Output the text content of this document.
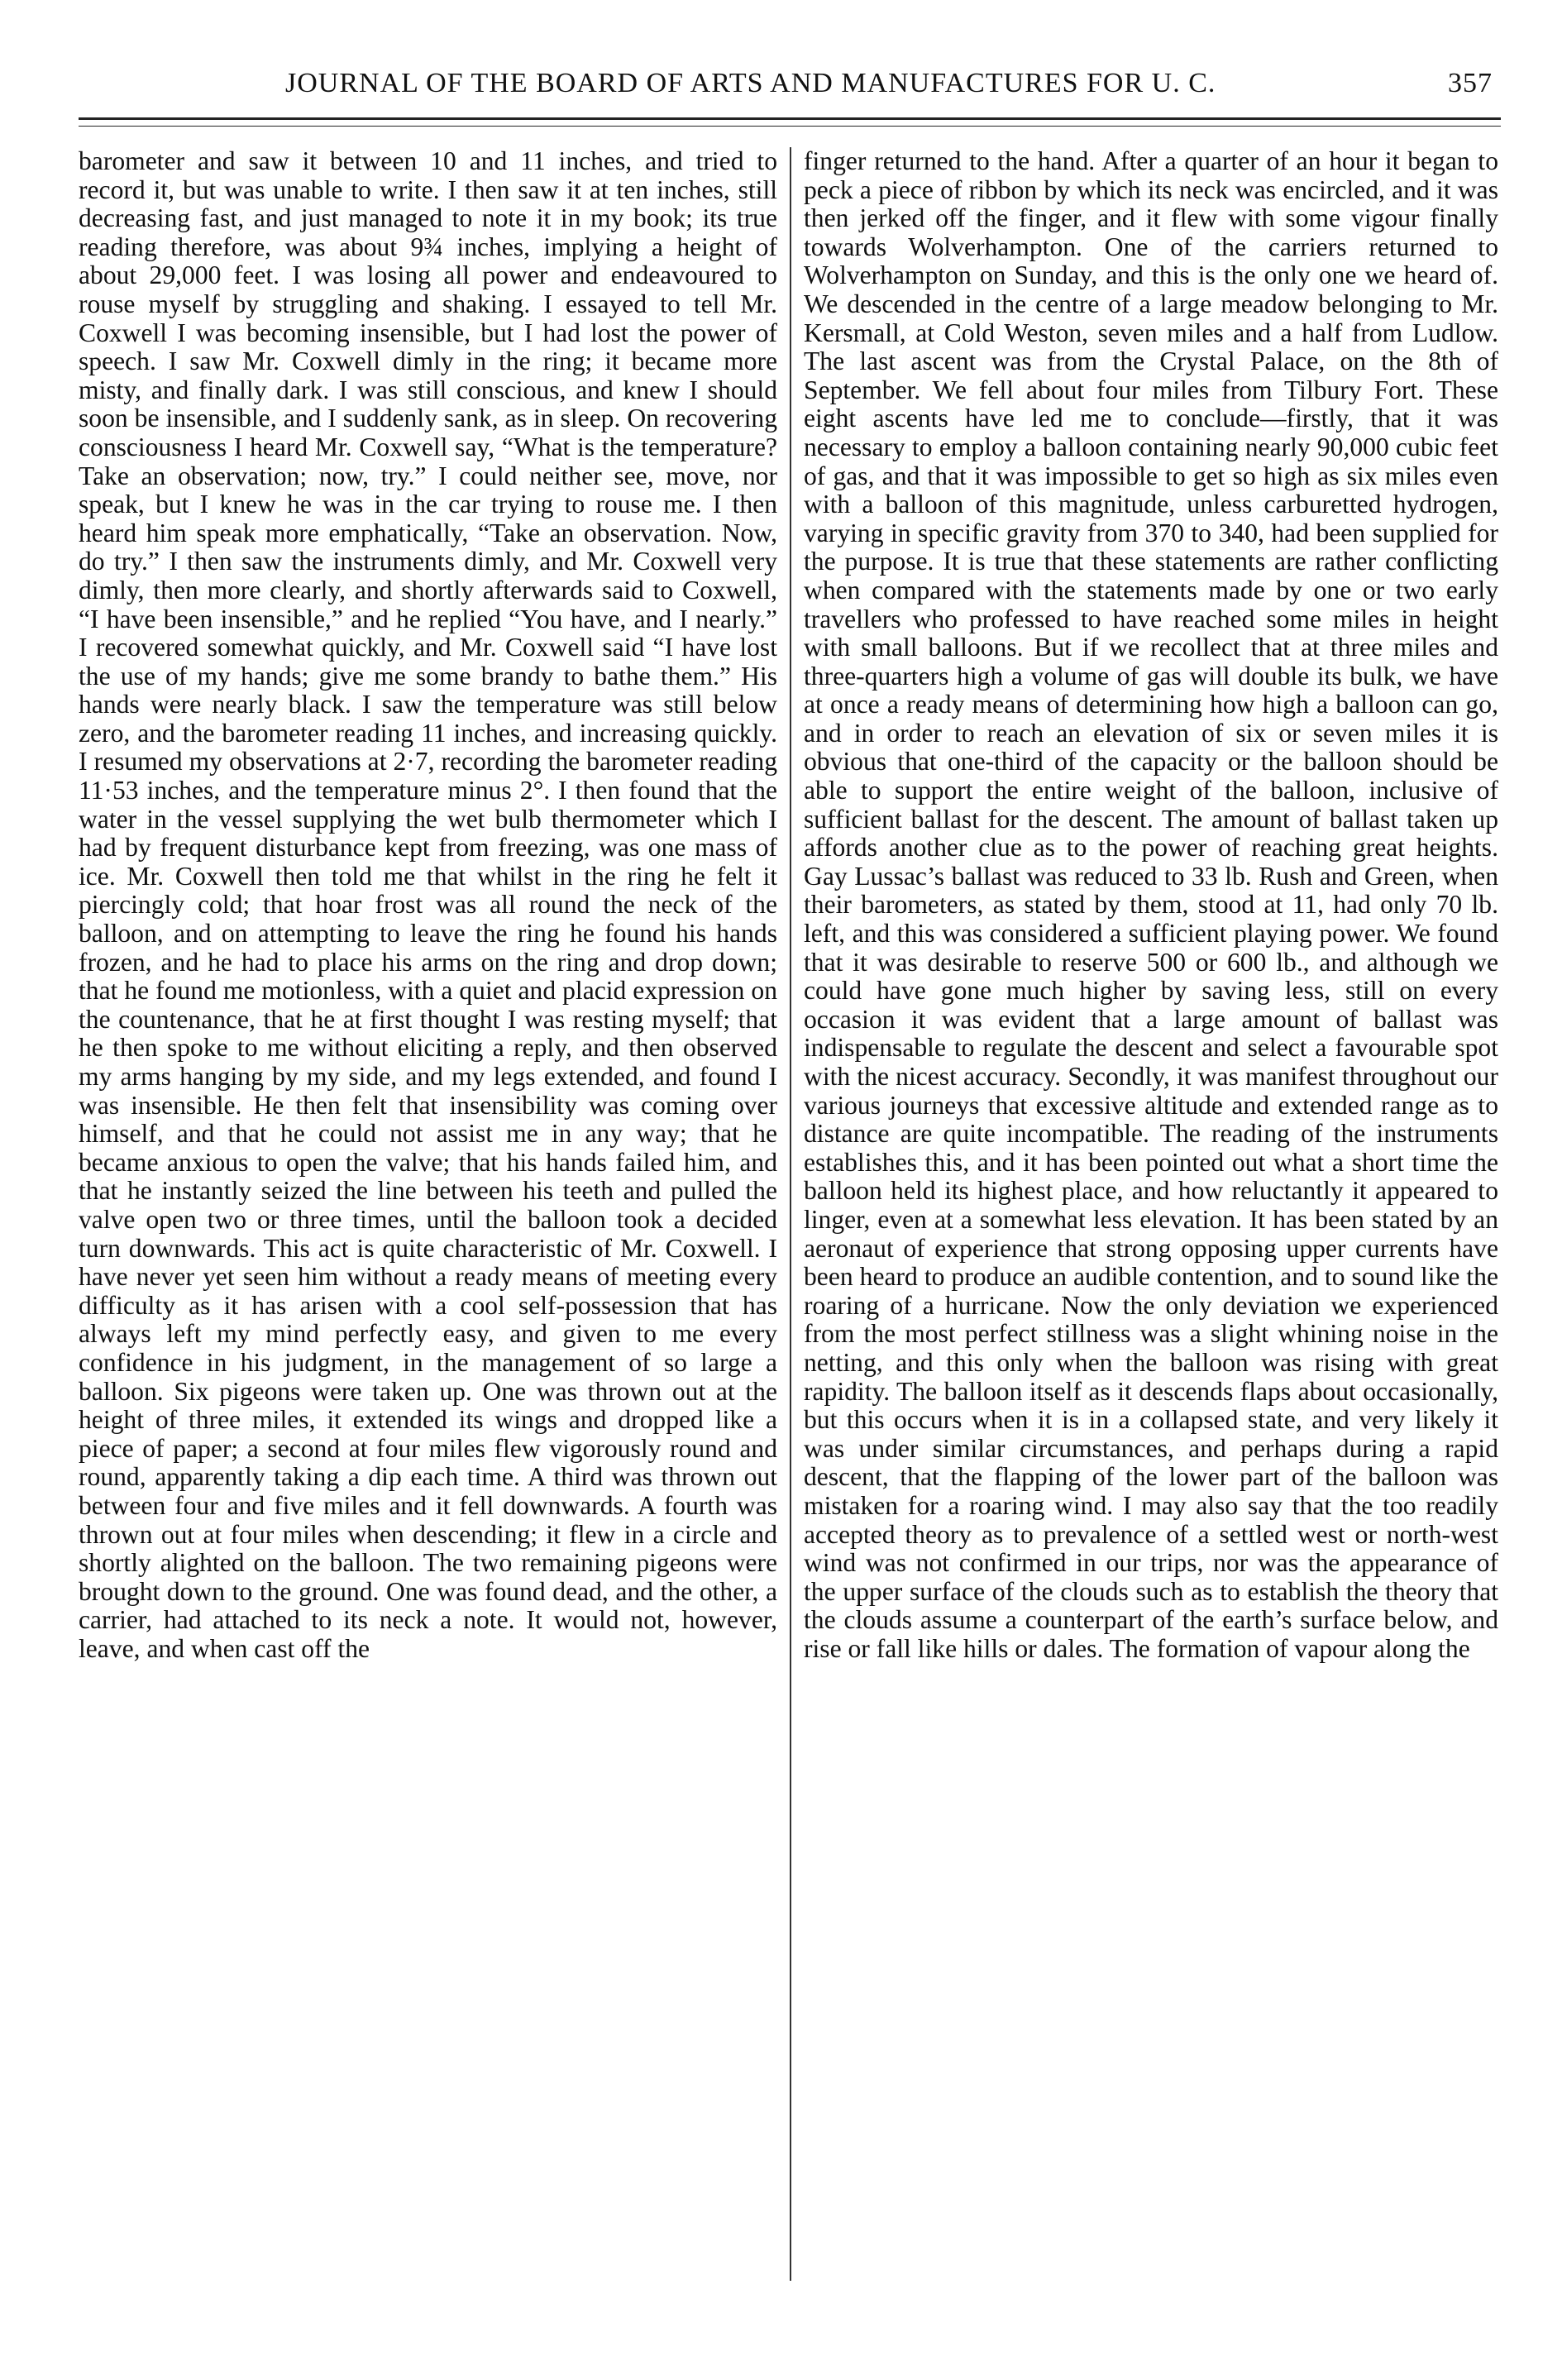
JOURNAL OF THE BOARD OF ARTS AND MANUFACTURES FOR U. C.	357

barometer and saw it between 10 and 11 inches, and tried to record it, but was unable to write. I then saw it at ten inches, still decreasing fast, and just managed to note it in my book; its true reading therefore, was about 9¾ inches, implying a height of about 29,000 feet. I was losing all power and endeavoured to rouse myself by struggling and shaking. I essayed to tell Mr. Coxwell I was becoming insensible, but I had lost the power of speech. I saw Mr. Coxwell dimly in the ring; it became more misty, and finally dark. I was still conscious, and knew I should soon be insensible, and I suddenly sank, as in sleep. On recovering consciousness I heard Mr. Coxwell say, “What is the temperature? Take an observation; now, try.” I could neither see, move, nor speak, but I knew he was in the car trying to rouse me. I then heard him speak more emphatically, “Take an observation. Now, do try.” I then saw the instruments dimly, and Mr. Coxwell very dimly, then more clearly, and shortly afterwards said to Coxwell, “I have been insensible,” and he replied “You have, and I nearly.” I recovered somewhat quickly, and Mr. Coxwell said “I have lost the use of my hands; give me some brandy to bathe them.” His hands were nearly black. I saw the temperature was still below zero, and the barometer reading 11 inches, and increasing quickly. I resumed my observations at 2·7, recording the barometer reading 11·53 inches, and the temperature minus 2°. I then found that the water in the vessel supplying the wet bulb thermometer which I had by frequent disturbance kept from freezing, was one mass of ice. Mr. Coxwell then told me that whilst in the ring he felt it piercingly cold; that hoar frost was all round the neck of the balloon, and on attempting to leave the ring he found his hands frozen, and he had to place his arms on the ring and drop down; that he found me motionless, with a quiet and placid expression on the countenance, that he at first thought I was resting myself; that he then spoke to me without eliciting a reply, and then observed my arms hanging by my side, and my legs extended, and found I was insensible. He then felt that insensibility was coming over himself, and that he could not assist me in any way; that he became anxious to open the valve; that his hands failed him, and that he instantly seized the line between his teeth and pulled the valve open two or three times, until the balloon took a decided turn downwards. This act is quite characteristic of Mr. Coxwell. I have never yet seen him without a ready means of meeting every difficulty as it has arisen with a cool self-possession that has always left my mind perfectly easy, and given to me every confidence in his judgment, in the management of so large a balloon. Six pigeons were taken up. One was thrown out at the height of three miles, it extended its wings and dropped like a piece of paper; a second at four miles flew vigorously round and round, apparently taking a dip each time. A third was thrown out between four and five miles and it fell downwards. A fourth was thrown out at four miles when descending; it flew in a circle and shortly alighted on the balloon. The two remaining pigeons were brought down to the ground. One was found dead, and the other, a carrier, had attached to its neck a note. It would not, however, leave, and when cast off the

finger returned to the hand. After a quarter of an hour it began to peck a piece of ribbon by which its neck was encircled, and it was then jerked off the finger, and it flew with some vigour finally towards Wolverhampton. One of the carriers returned to Wolverhampton on Sunday, and this is the only one we heard of. We descended in the centre of a large meadow belonging to Mr. Kersmall, at Cold Weston, seven miles and a half from Ludlow. The last ascent was from the Crystal Palace, on the 8th of September. We fell about four miles from Tilbury Fort. These eight ascents have led me to conclude—firstly, that it was necessary to employ a balloon containing nearly 90,000 cubic feet of gas, and that it was impossible to get so high as six miles even with a balloon of this magnitude, unless carburetted hydrogen, varying in specific gravity from 370 to 340, had been supplied for the purpose. It is true that these statements are rather conflicting when compared with the statements made by one or two early travellers who professed to have reached some miles in height with small balloons. But if we recollect that at three miles and three-quarters high a volume of gas will double its bulk, we have at once a ready means of determining how high a balloon can go, and in order to reach an elevation of six or seven miles it is obvious that one-third of the capacity or the balloon should be able to support the entire weight of the balloon, inclusive of sufficient ballast for the descent. The amount of ballast taken up affords another clue as to the power of reaching great heights. Gay Lussac’s ballast was reduced to 33 lb. Rush and Green, when their barometers, as stated by them, stood at 11, had only 70 lb. left, and this was considered a sufficient playing power. We found that it was desirable to reserve 500 or 600 lb., and although we could have gone much higher by saving less, still on every occasion it was evident that a large amount of ballast was indispensable to regulate the descent and select a favourable spot with the nicest accuracy. Secondly, it was manifest throughout our various journeys that excessive altitude and extended range as to distance are quite incompatible. The reading of the instruments establishes this, and it has been pointed out what a short time the balloon held its highest place, and how reluctantly it appeared to linger, even at a somewhat less elevation. It has been stated by an aeronaut of experience that strong opposing upper currents have been heard to produce an audible contention, and to sound like the roaring of a hurricane. Now the only deviation we experienced from the most perfect stillness was a slight whining noise in the netting, and this only when the balloon was rising with great rapidity. The balloon itself as it descends flaps about occasionally, but this occurs when it is in a collapsed state, and very likely it was under similar circumstances, and perhaps during a rapid descent, that the flapping of the lower part of the balloon was mistaken for a roaring wind. I may also say that the too readily accepted theory as to prevalence of a settled west or north-west wind was not confirmed in our trips, nor was the appearance of the upper surface of the clouds such as to establish the theory that the clouds assume a counterpart of the earth’s surface below, and rise or fall like hills or dales. The formation of vapour along the
